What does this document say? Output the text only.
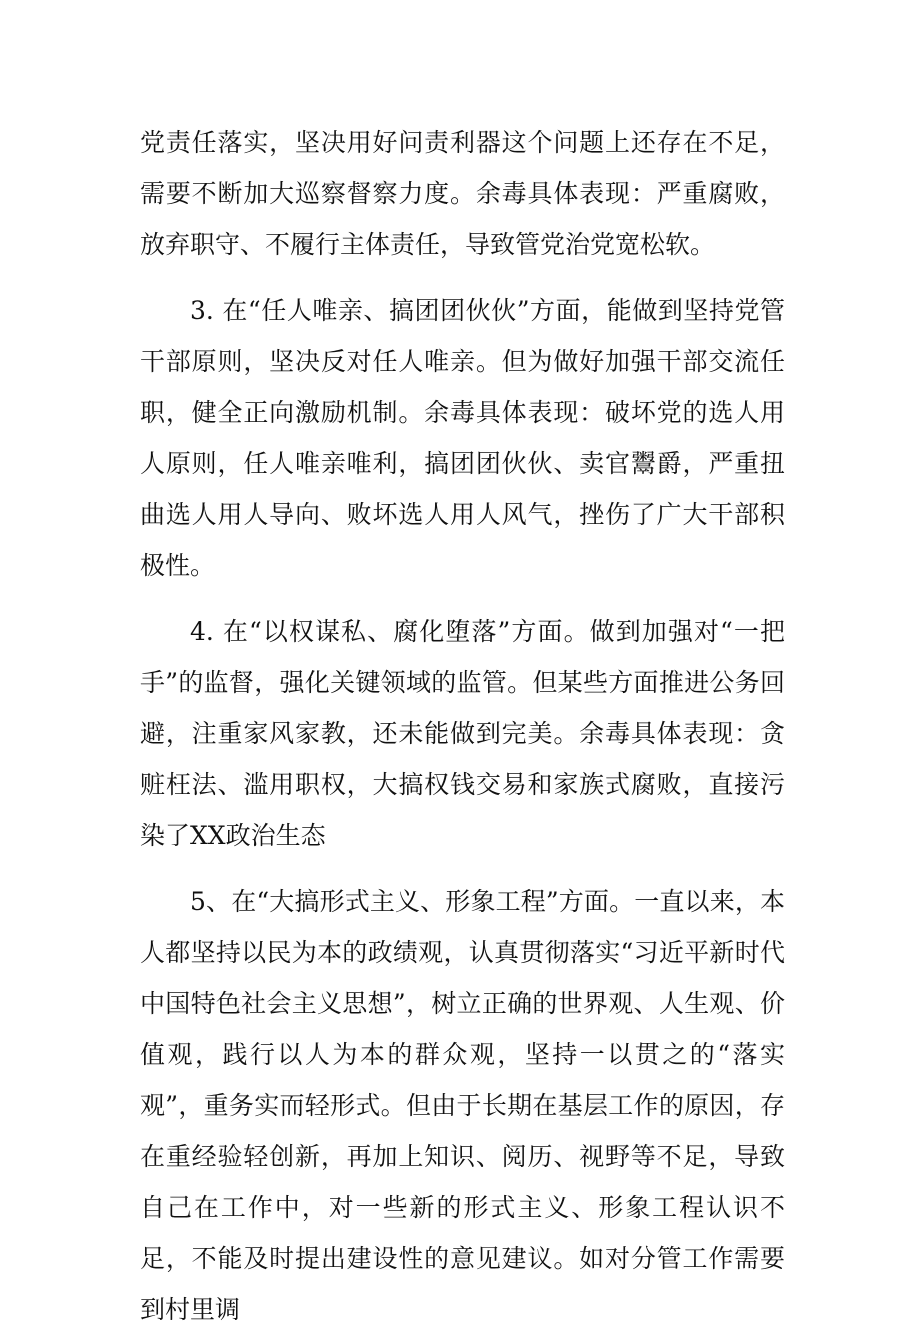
党责任落实，坚决用好问责利器这个问题上还存在不足，需要不断加大巡察督察力度。余毒具体表现：严重腐败，放弃职守、不履行主体责任，导致管党治党宽松软。

3. 在“任人唯亲、搞团团伙伙”方面，能做到坚持党管干部原则，坚决反对任人唯亲。但为做好加强干部交流任职，健全正向激励机制。余毒具体表现：破坏党的选人用人原则，任人唯亲唯利，搞团团伙伙、卖官鬻爵，严重扭曲选人用人导向、败坏选人用人风气，挫伤了广大干部积极性。

4. 在“以权谋私、腐化堕落”方面。做到加强对“一把手”的监督，强化关键领域的监管。但某些方面推进公务回避，注重家风家教，还未能做到完美。余毒具体表现：贪赃枉法、滥用职权，大搞权钱交易和家族式腐败，直接污染了XX政治生态

5、在“大搞形式主义、形象工程”方面。一直以来，本人都坚持以民为本的政绩观，认真贯彻落实“习近平新时代中国特色社会主义思想”，树立正确的世界观、人生观、价值观，践行以人为本的群众观，坚持一以贯之的“落实观”，重务实而轻形式。但由于长期在基层工作的原因，存在重经验轻创新，再加上知识、阅历、视野等不足，导致自己在工作中，对一些新的形式主义、形象工程认识不足，不能及时提出建设性的意见建议。如对分管工作需要到村里调
